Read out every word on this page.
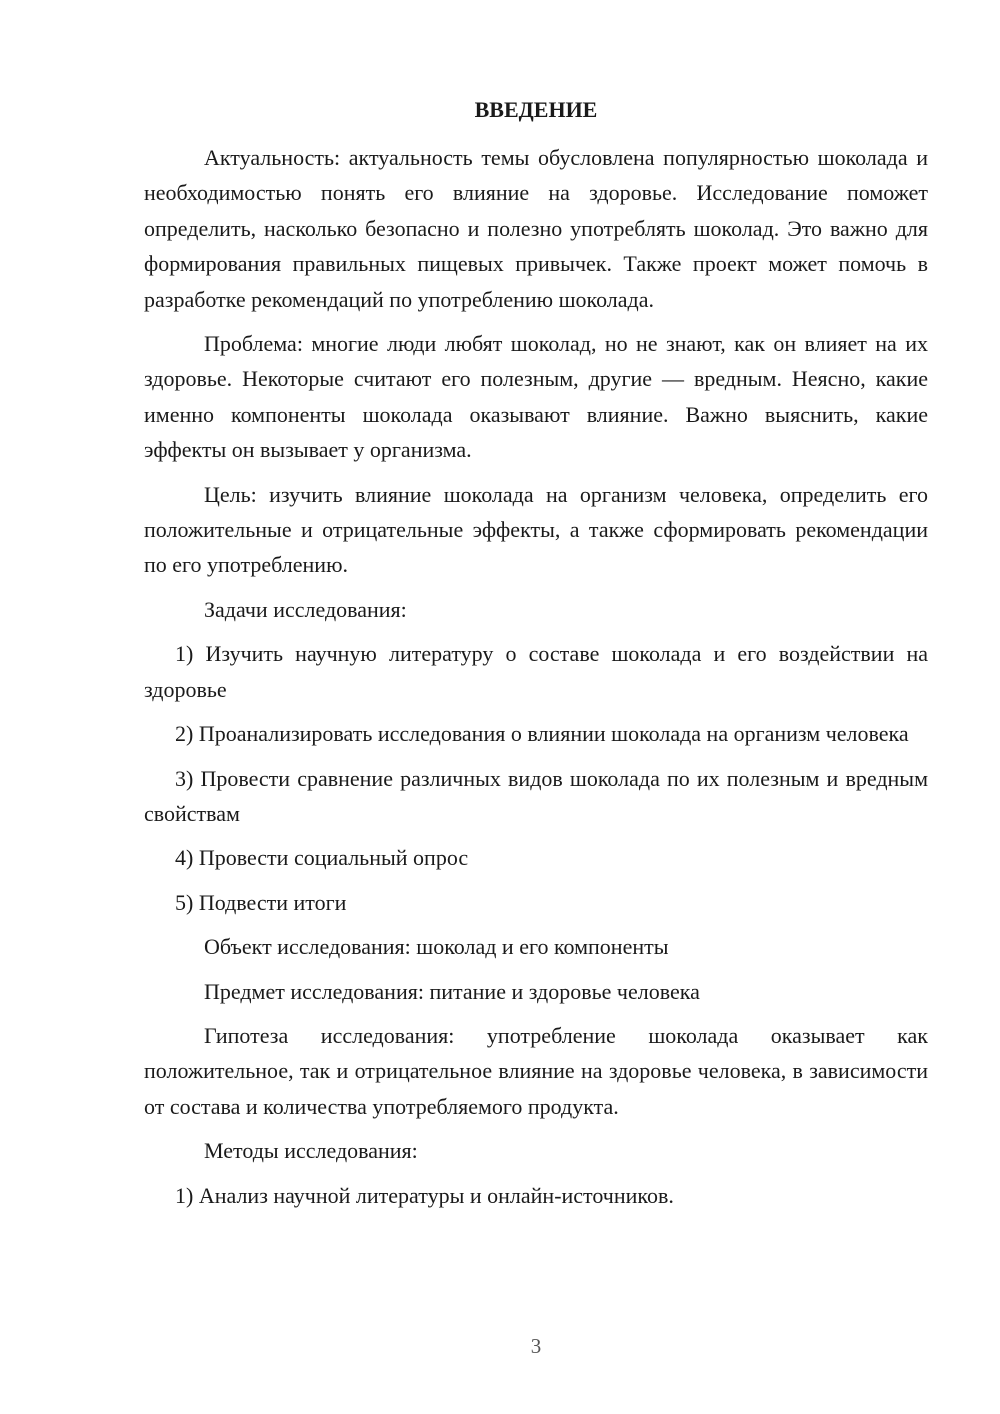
ВВЕДЕНИЕ

Актуальность: актуальность темы обусловлена популярностью шоколада и необходимостью понять его влияние на здоровье. Исследование поможет определить, насколько безопасно и полезно употреблять шоколад. Это важно для формирования правильных пищевых привычек. Также проект может помочь в разработке рекомендаций по употреблению шоколада.

Проблема: многие люди любят шоколад, но не знают, как он влияет на их здоровье. Некоторые считают его полезным, другие — вредным. Неясно, какие именно компоненты шоколада оказывают влияние. Важно выяснить, какие эффекты он вызывает у организма.

Цель: изучить влияние шоколада на организм человека, определить его положительные и отрицательные эффекты, а также сформировать рекомендации по его употреблению.

Задачи исследования:

1) Изучить научную литературу о составе шоколада и его воздействии на здоровье

2) Проанализировать исследования о влиянии шоколада на организм человека

3) Провести сравнение различных видов шоколада по их полезным и вредным свойствам

4) Провести социальный опрос

5) Подвести итоги

Объект исследования: шоколад и его компоненты

Предмет исследования: питание и здоровье человека

Гипотеза исследования: употребление шоколада оказывает как положительное, так и отрицательное влияние на здоровье человека, в зависимости от состава и количества употребляемого продукта.

Методы исследования:

1) Анализ научной литературы и онлайн-источников.

3
